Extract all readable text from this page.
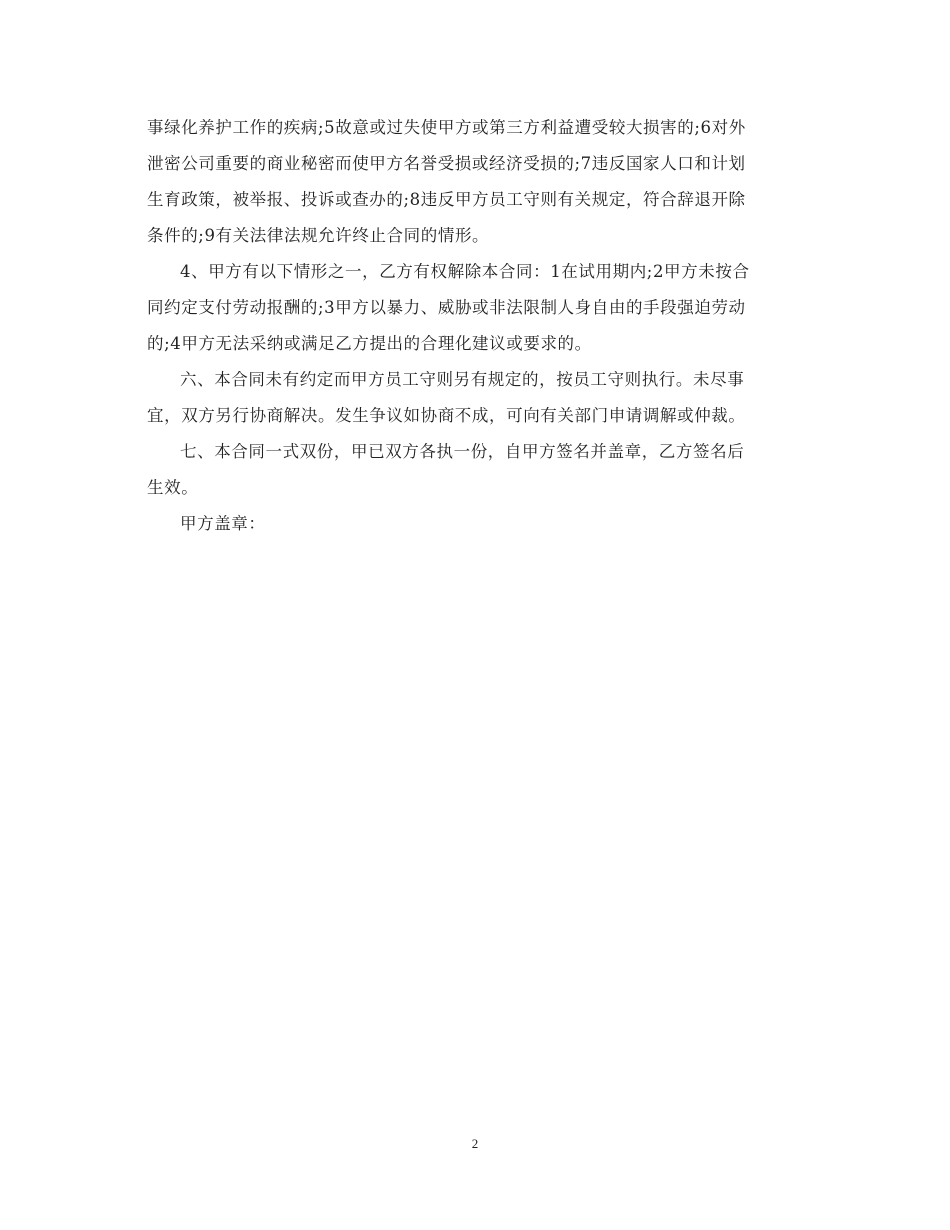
事绿化养护工作的疾病;5故意或过失使甲方或第三方利益遭受较大损害的;6对外
泄密公司重要的商业秘密而使甲方名誉受损或经济受损的;7违反国家人口和计划
生育政策，被举报、投诉或查办的;8违反甲方员工守则有关规定，符合辞退开除
条件的;9有关法律法规允许终止合同的情形。
4、甲方有以下情形之一，乙方有权解除本合同：1在试用期内;2甲方未按合
同约定支付劳动报酬的;3甲方以暴力、威胁或非法限制人身自由的手段强迫劳动
的;4甲方无法采纳或满足乙方提出的合理化建议或要求的。
六、本合同未有约定而甲方员工守则另有规定的，按员工守则执行。未尽事
宜，双方另行协商解决。发生争议如协商不成，可向有关部门申请调解或仲裁。
七、本合同一式双份，甲已双方各执一份，自甲方签名并盖章，乙方签名后
生效。
甲方盖章：
2
